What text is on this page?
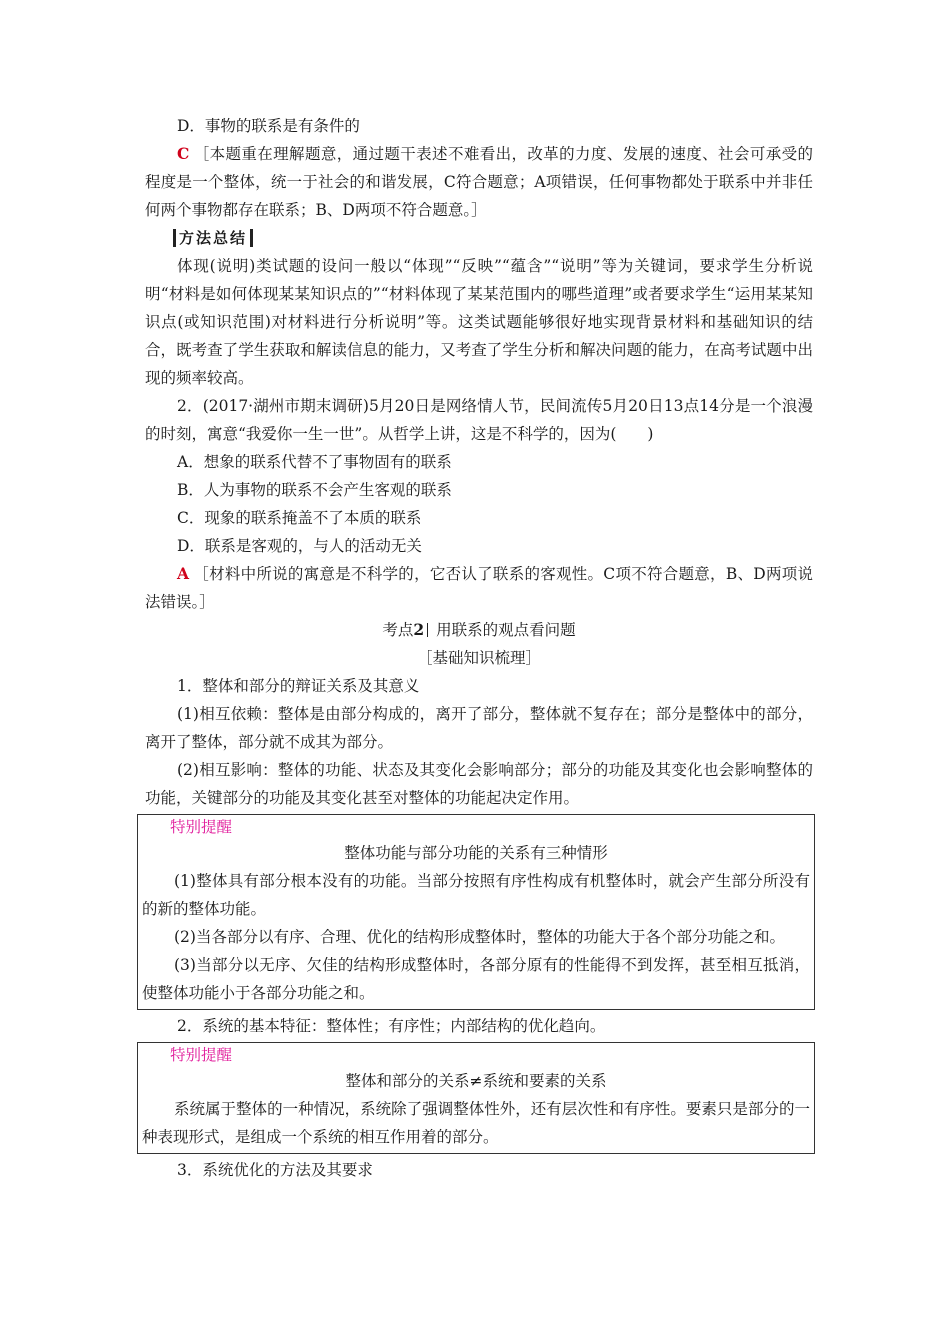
D．事物的联系是有条件的

C ［本题重在理解题意，通过题干表述不难看出，改革的力度、发展的速度、社会可承受的程度是一个整体，统一于社会的和谐发展，C符合题意；A项错误，任何事物都处于联系中并非任何两个事物都存在联系；B、D两项不符合题意。］

方法总结

体现(说明)类试题的设问一般以“体现”“反映”“蕴含”“说明”等为关键词，要求学生分析说明“材料是如何体现某某知识点的”“材料体现了某某范围内的哪些道理”或者要求学生“运用某某知识点(或知识范围)对材料进行分析说明”等。这类试题能够很好地实现背景材料和基础知识的结合，既考查了学生获取和解读信息的能力，又考查了学生分析和解决问题的能力，在高考试题中出现的频率较高。

2．(2017·湖州市期末调研)5月20日是网络情人节，民间流传5月20日13点14分是一个浪漫的时刻，寓意“我爱你一生一世”。从哲学上讲，这是不科学的，因为(　　)

A．想象的联系代替不了事物固有的联系

B．人为事物的联系不会产生客观的联系

C．现象的联系掩盖不了本质的联系

D．联系是客观的，与人的活动无关

A ［材料中所说的寓意是不科学的，它否认了联系的客观性。C项不符合题意，B、D两项说法错误。］

考点2 用联系的观点看问题

［基础知识梳理］

1．整体和部分的辩证关系及其意义

(1)相互依赖：整体是由部分构成的，离开了部分，整体就不复存在；部分是整体中的部分，离开了整体，部分就不成其为部分。

(2)相互影响：整体的功能、状态及其变化会影响部分；部分的功能及其变化也会影响整体的功能，关键部分的功能及其变化甚至对整体的功能起决定作用。

特别提醒

整体功能与部分功能的关系有三种情形

(1)整体具有部分根本没有的功能。当部分按照有序性构成有机整体时，就会产生部分所没有的新的整体功能。

(2)当各部分以有序、合理、优化的结构形成整体时，整体的功能大于各个部分功能之和。

(3)当部分以无序、欠佳的结构形成整体时，各部分原有的性能得不到发挥，甚至相互抵消，使整体功能小于各部分功能之和。

2．系统的基本特征：整体性；有序性；内部结构的优化趋向。

特别提醒

整体和部分的关系≠系统和要素的关系

系统属于整体的一种情况，系统除了强调整体性外，还有层次性和有序性。要素只是部分的一种表现形式，是组成一个系统的相互作用着的部分。

3．系统优化的方法及其要求
